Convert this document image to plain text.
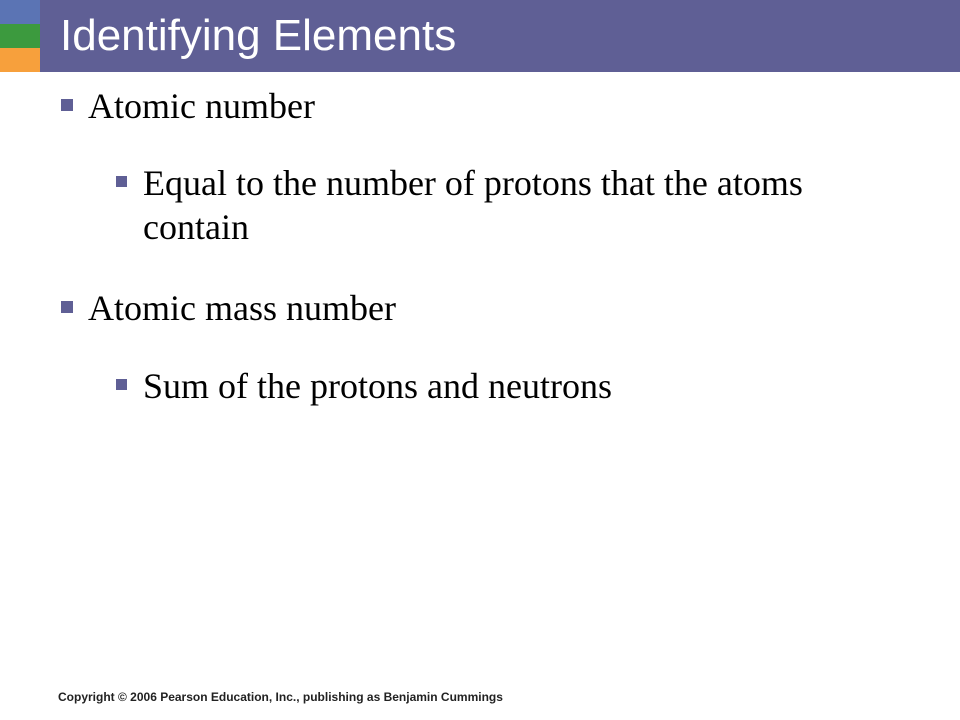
Identifying Elements
Atomic number
Equal to the number of protons that the atoms contain
Atomic mass number
Sum of the protons and neutrons

Copyright © 2006 Pearson Education, Inc., publishing as Benjamin Cummings
